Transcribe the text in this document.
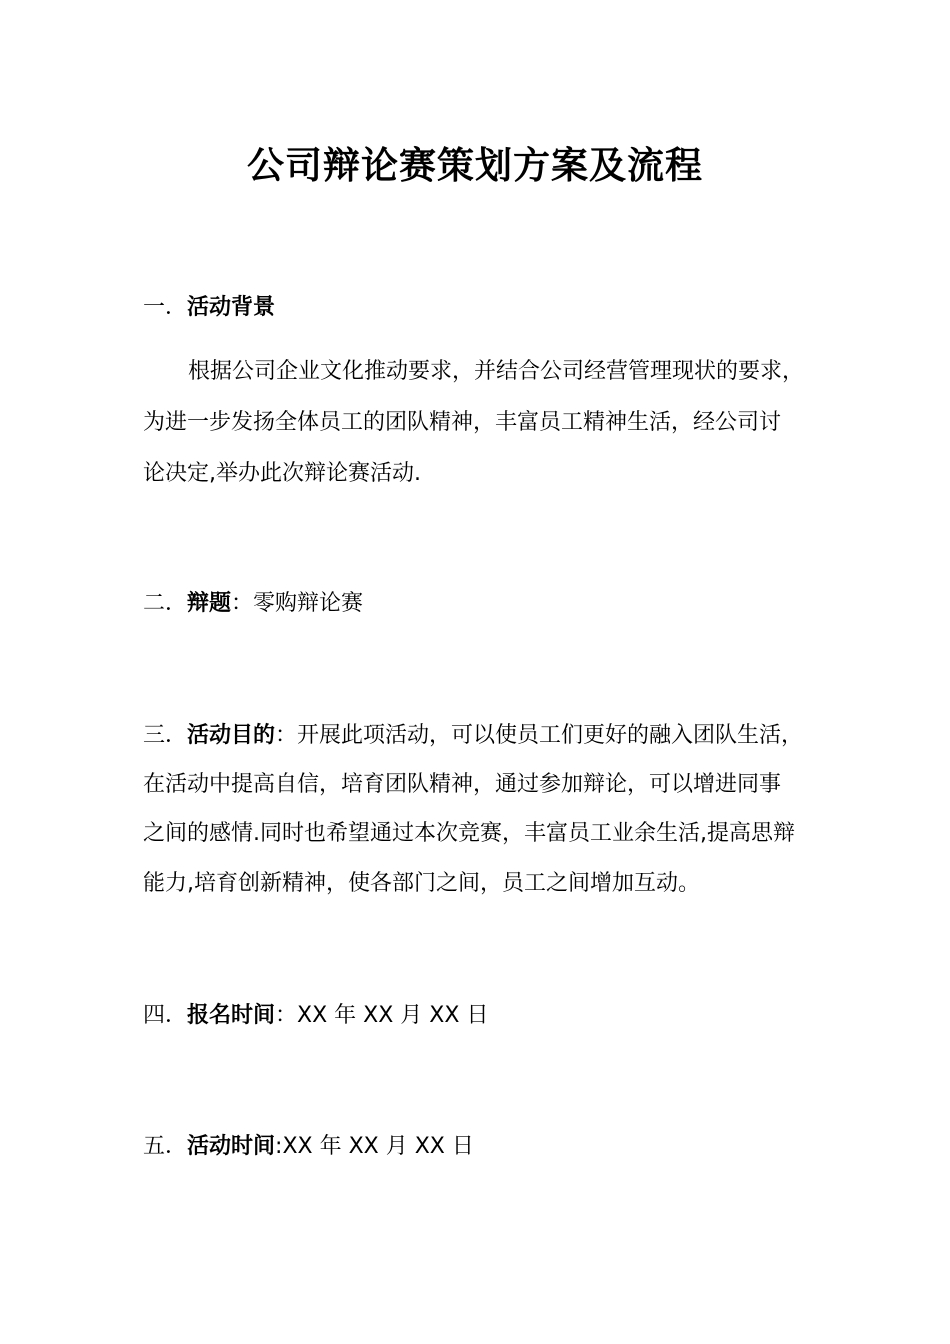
公司辩论赛策划方案及流程
一．活动背景
根据公司企业文化推动要求，并结合公司经营管理现状的要求，
为进一步发扬全体员工的团队精神，丰富员工精神生活，经公司讨
论决定,举办此次辩论赛活动.
二．辩题：零购辩论赛
三．活动目的：开展此项活动，可以使员工们更好的融入团队生活，
在活动中提高自信，培育团队精神，通过参加辩论，可以增进同事
之间的感情.同时也希望通过本次竞赛，丰富员工业余生活,提高思辩
能力,培育创新精神，使各部门之间，员工之间增加互动。
四．报名时间：XX 年 XX 月 XX 日
五．活动时间:XX 年 XX 月 XX 日
